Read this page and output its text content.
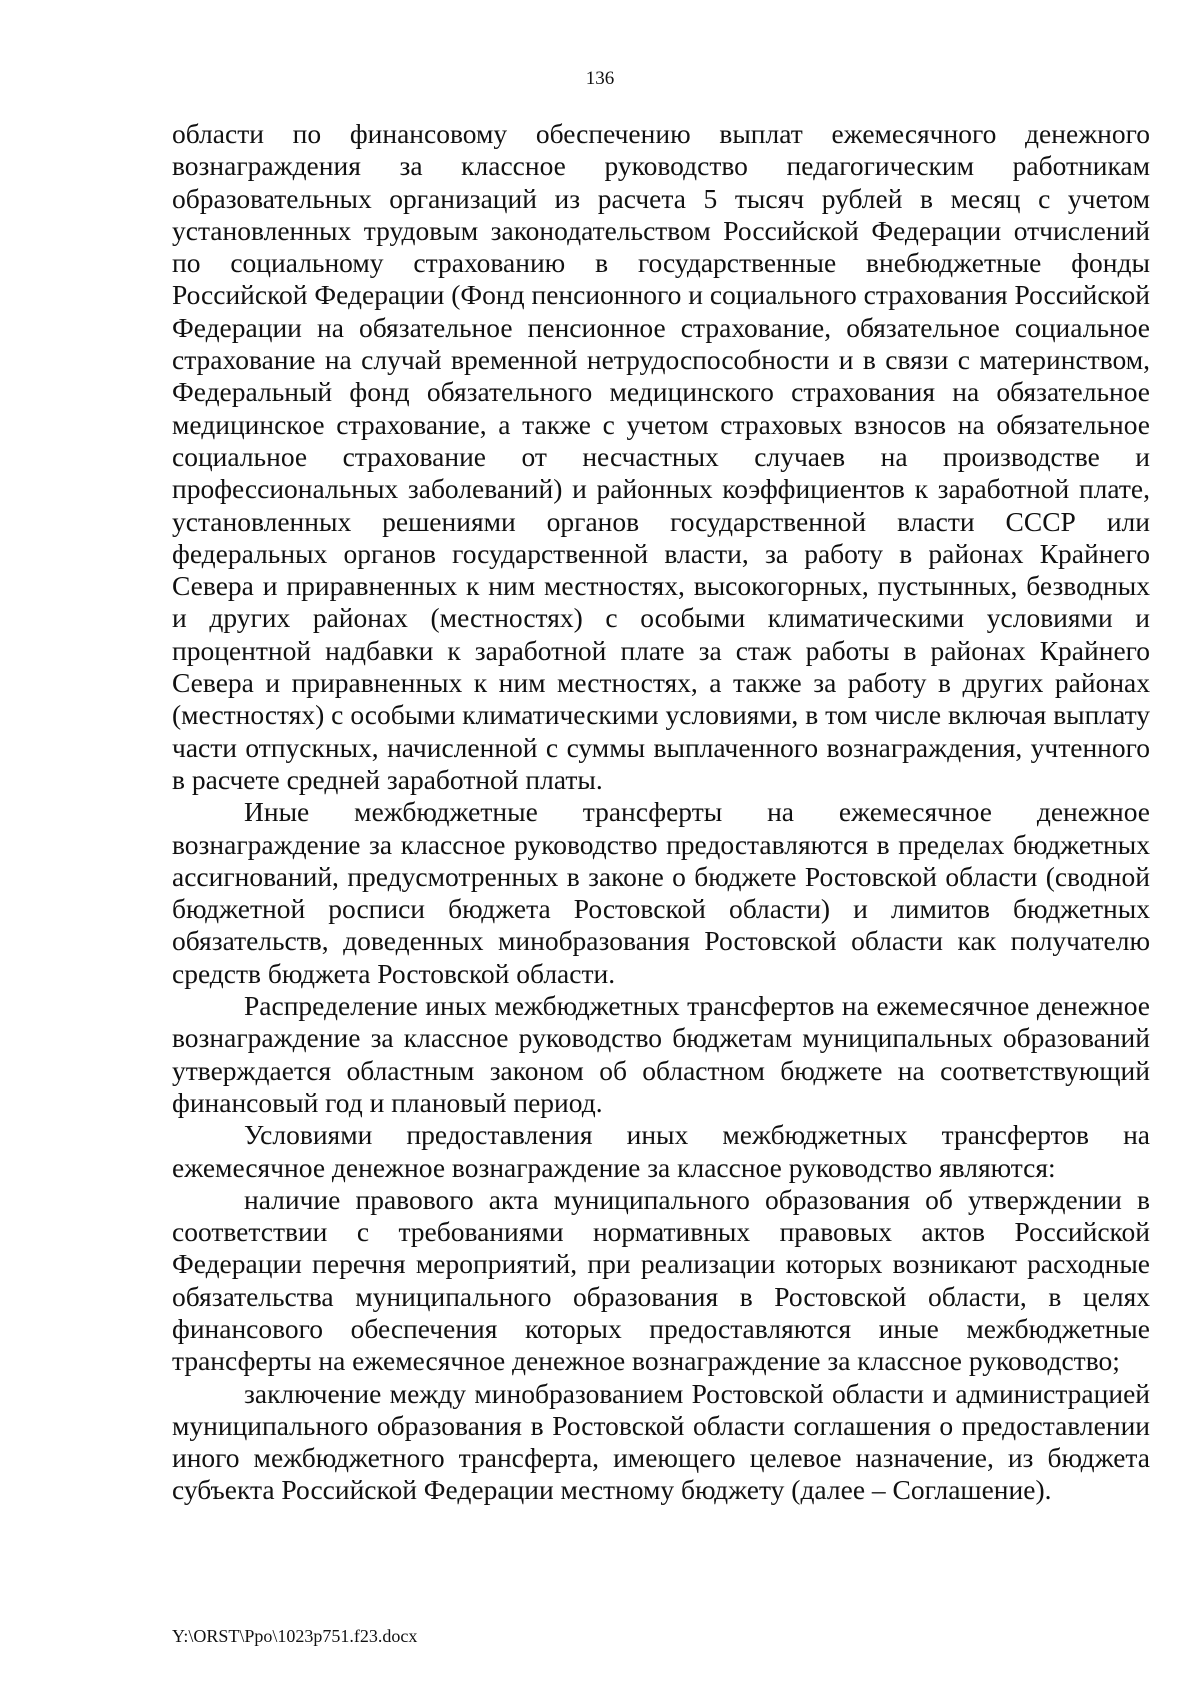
136

области по финансовому обеспечению выплат ежемесячного денежного вознаграждения за классное руководство педагогическим работникам образовательных организаций из расчета 5 тысяч рублей в месяц с учетом установленных трудовым законодательством Российской Федерации отчислений по социальному страхованию в государственные внебюджетные фонды Российской Федерации (Фонд пенсионного и социального страхования Российской Федерации на обязательное пенсионное страхование, обязательное социальное страхование на случай временной нетрудоспособности и в связи с материнством, Федеральный фонд обязательного медицинского страхования на обязательное медицинское страхование, а также с учетом страховых взносов на обязательное социальное страхование от несчастных случаев на производстве и профессиональных заболеваний) и районных коэффициентов к заработной плате, установленных решениями органов государственной власти СССР или федеральных органов государственной власти, за работу в районах Крайнего Севера и приравненных к ним местностях, высокогорных, пустынных, безводных и других районах (местностях) с особыми климатическими условиями и процентной надбавки к заработной плате за стаж работы в районах Крайнего Севера и приравненных к ним местностях, а также за работу в других районах (местностях) с особыми климатическими условиями, в том числе включая выплату части отпускных, начисленной с суммы выплаченного вознаграждения, учтенного в расчете средней заработной платы.

Иные межбюджетные трансферты на ежемесячное денежное вознаграждение за классное руководство предоставляются в пределах бюджетных ассигнований, предусмотренных в законе о бюджете Ростовской области (сводной бюджетной росписи бюджета Ростовской области) и лимитов бюджетных обязательств, доведенных минобразования Ростовской области как получателю средств бюджета Ростовской области.

Распределение иных межбюджетных трансфертов на ежемесячное денежное вознаграждение за классное руководство бюджетам муниципальных образований утверждается областным законом об областном бюджете на соответствующий финансовый год и плановый период.

Условиями предоставления иных межбюджетных трансфертов на ежемесячное денежное вознаграждение за классное руководство являются:

наличие правового акта муниципального образования об утверждении в соответствии с требованиями нормативных правовых актов Российской Федерации перечня мероприятий, при реализации которых возникают расходные обязательства муниципального образования в Ростовской области, в целях финансового обеспечения которых предоставляются иные межбюджетные трансферты на ежемесячное денежное вознаграждение за классное руководство;

заключение между минобразованием Ростовской области и администрацией муниципального образования в Ростовской области соглашения о предоставлении иного межбюджетного трансферта, имеющего целевое назначение, из бюджета субъекта Российской Федерации местному бюджету (далее – Соглашение).

Y:\ORST\Ppo\1023p751.f23.docx
